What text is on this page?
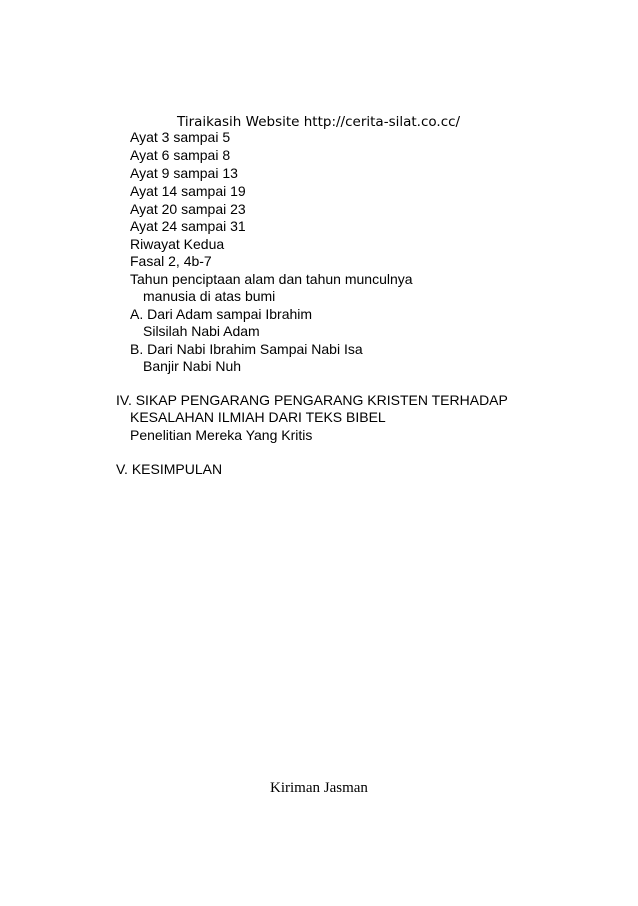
Tiraikasih Website http://cerita-silat.co.cc/
Ayat 3 sampai 5
Ayat 6 sampai 8
Ayat 9 sampai 13
Ayat 14 sampai 19
Ayat 20 sampai 23
Ayat 24 sampai 31
Riwayat Kedua
Fasal 2, 4b-7
Tahun penciptaan alam dan tahun munculnya
manusia di atas bumi
A. Dari Adam sampai Ibrahim
Silsilah Nabi Adam
B. Dari Nabi Ibrahim Sampai Nabi Isa
Banjir Nabi Nuh
IV. SIKAP PENGARANG PENGARANG KRISTEN TERHADAP
KESALAHAN ILMIAH DARI TEKS BIBEL
Penelitian Mereka Yang Kritis
V. KESIMPULAN
Kiriman Jasman
